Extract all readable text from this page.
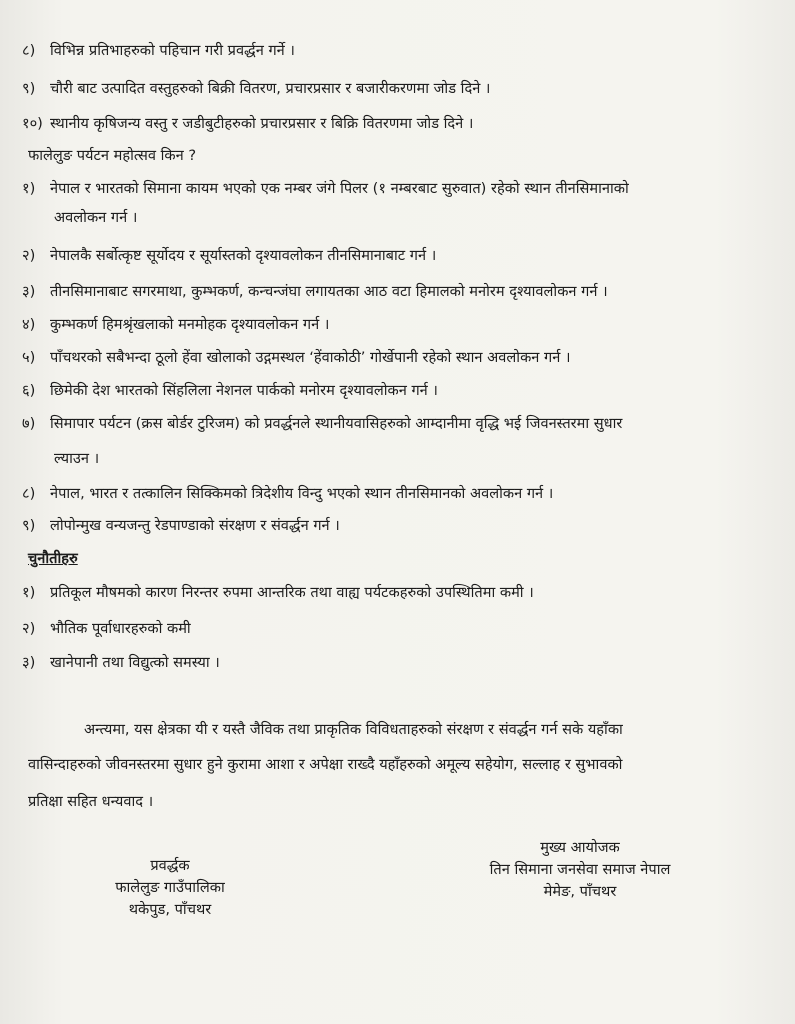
८) विभिन्न प्रतिभाहरुको पहिचान गरी प्रवर्द्धन गर्ने ।
९) चौरी बाट उत्पादित वस्तुहरुको बिक्री वितरण, प्रचारप्रसार र बजारीकरणमा जोड दिने ।
१०) स्थानीय कृषिजन्य वस्तु र जडीबुटीहरुको प्रचारप्रसार र बिक्रि वितरणमा जोड दिने ।
फालेलुङ पर्यटन महोत्सव किन ?
१) नेपाल र भारतको सिमाना कायम भएको एक नम्बर जंगे पिलर (१ नम्बरबाट सुरुवात) रहेको स्थान तीनसिमानाको
अवलोकन गर्न ।
२) नेपालकै सर्बोत्कृष्ट सूर्योदय र सूर्यास्तको दृश्यावलोकन तीनसिमानाबाट गर्न ।
३) तीनसिमानाबाट सगरमाथा, कुम्भकर्ण, कन्चन्जंघा लगायतका आठ वटा हिमालको मनोरम दृश्यावलोकन गर्न ।
४) कुम्भकर्ण हिमश्रृंखलाको मनमोहक दृश्यावलोकन गर्न ।
५) पाँचथरको सबैभन्दा ठूलो हेंवा खोलाको उद्गमस्थल ‘हेंवाकोठी’ गोर्खेपानी रहेको स्थान अवलोकन गर्न ।
६) छिमेकी देश भारतको सिंहलिला नेशनल पार्कको मनोरम दृश्यावलोकन गर्न ।
७) सिमापार पर्यटन (क्रस बोर्डर टुरिजम) को प्रवर्द्धनले स्थानीयवासिहरुको आम्दानीमा वृद्धि भई जिवनस्तरमा सुधार
ल्याउन ।
८) नेपाल, भारत र तत्कालिन सिक्किमको त्रिदेशीय विन्दु भएको स्थान तीनसिमानको अवलोकन गर्न ।
९) लोपोन्मुख वन्यजन्तु रेडपाण्डाको संरक्षण र संवर्द्धन गर्न ।
चुनौतीहरु
१) प्रतिकूल मौषमको कारण निरन्तर रुपमा आन्तरिक तथा वाह्य पर्यटकहरुको उपस्थितिमा कमी ।
२) भौतिक पूर्वाधारहरुको कमी
३) खानेपानी तथा विद्युत्को समस्या ।
अन्त्यमा, यस क्षेत्रका यी र यस्तै जैविक तथा प्राकृतिक विविधताहरुको संरक्षण र संवर्द्धन गर्न सके यहाँका
वासिन्दाहरुको जीवनस्तरमा सुधार हुने कुरामा आशा र अपेक्षा राख्दै यहाँहरुको अमूल्य सहेयोग, सल्लाह र सुभावको
प्रतिक्षा सहित धन्यवाद ।
प्रवर्द्धक
फालेलुङ गाउँपालिका
थकेपुड, पाँचथर
मुख्य आयोजक
तिन सिमाना जनसेवा समाज नेपाल
मेमेङ, पाँचथर
